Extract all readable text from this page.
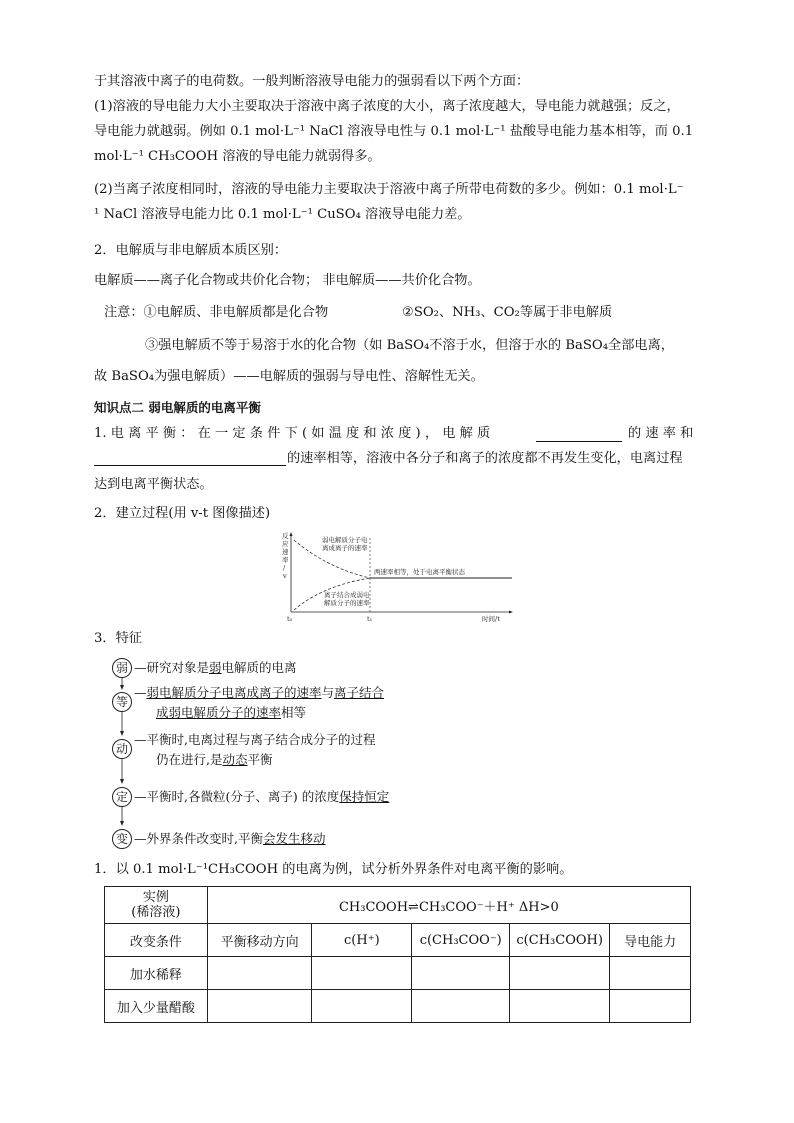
于其溶液中离子的电荷数。一般判断溶液导电能力的强弱看以下两个方面：
(1)溶液的导电能力大小主要取决于溶液中离子浓度的大小，离子浓度越大，导电能力就越强；反之，
导电能力就越弱。例如 0.1 mol·L⁻¹ NaCl 溶液导电性与 0.1 mol·L⁻¹ 盐酸导电能力基本相等，而 0.1
mol·L⁻¹ CH₃COOH 溶液的导电能力就弱得多。
(2)当离子浓度相同时，溶液的导电能力主要取决于溶液中离子所带电荷数的多少。例如：0.1 mol·L⁻
¹ NaCl 溶液导电能力比 0.1 mol·L⁻¹ CuSO₄ 溶液导电能力差。
2．电解质与非电解质本质区别：
电解质——离子化合物或共价化合物； 非电解质——共价化合物。
注意：①电解质、非电解质都是化合物	②SO₂、NH₃、CO₂等属于非电解质
③强电解质不等于易溶于水的化合物（如 BaSO₄不溶于水，但溶于水的 BaSO₄全部电离，
故 BaSO₄为强电解质）——电解质的强弱与导电性、溶解性无关。
知识点二 弱电解质的电离平衡
1. 电 离 平 衡 ： 在 一 定 条 件 下 ( 如 温 度 和 浓 度 ) ， 电 解 质	的 速 率 和
的速率相等，溶液中各分子和离子的浓度都不再发生变化，电离过程
达到电离平衡状态。
2．建立过程(用 v-t 图像描述)
反
应
速
率
/
v
弱电解质分子电
离成离子的速率
两速率相等，处于电离平衡状态
离子结合成弱电
解质分子的速率
t₀	t₁	时间/t
3．特征
弱 —研究对象是弱电解质的电离
等
—弱电解质分子电离成离子的速率与离子结合
成弱电解质分子的速率相等
动
—平衡时,电离过程与离子结合成分子的过程
仍在进行,是动态平衡
定 —平衡时,各微粒(分子、离子) 的浓度保持恒定
变 —外界条件改变时,平衡会发生移动
1．以 0.1 mol·L⁻¹CH₃COOH 的电离为例，试分析外界条件对电离平衡的影响。
实例
(稀溶液)	CH₃COOH⇌CH₃COO⁻＋H⁺ ΔH>0				
改变条件	平衡移动方向	c(H⁺)	c(CH₃COO⁻)	c(CH₃COOH)	导电能力
加水稀释					
加入少量醋酸					
